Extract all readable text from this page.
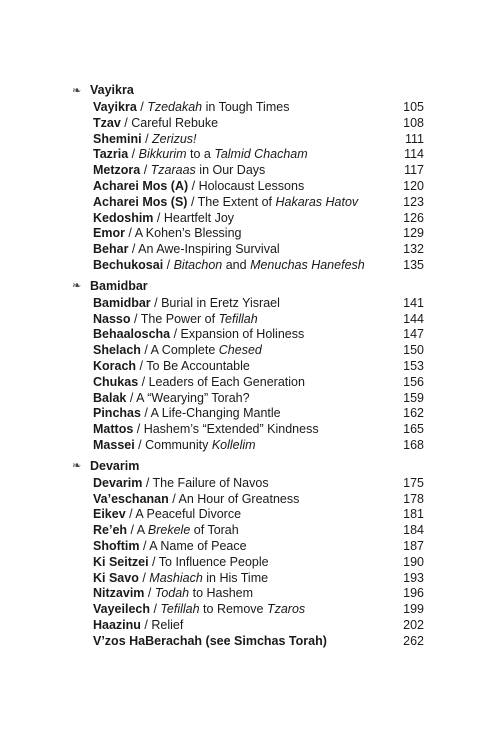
❧ Vayikra
Vayikra / Tzedakah in Tough Times	105
Tzav / Careful Rebuke	108
Shemini / Zerizus!	111
Tazria / Bikkurim to a Talmid Chacham	114
Metzora / Tzaraas in Our Days	117
Acharei Mos (A) / Holocaust Lessons	120
Acharei Mos (S) / The Extent of Hakaras Hatov	123
Kedoshim / Heartfelt Joy	126
Emor / A Kohen’s Blessing	129
Behar / An Awe-Inspiring Survival	132
Bechukosai / Bitachon and Menuchas Hanefesh	135
❧ Bamidbar
Bamidbar / Burial in Eretz Yisrael	141
Nasso / The Power of Tefillah	144
Behaaloscha / Expansion of Holiness	147
Shelach / A Complete Chesed	150
Korach / To Be Accountable	153
Chukas / Leaders of Each Generation	156
Balak / A “Wearying” Torah?	159
Pinchas / A Life-Changing Mantle	162
Mattos / Hashem’s “Extended” Kindness	165
Massei / Community Kollelim	168
❧ Devarim
Devarim / The Failure of Navos	175
Va’eschanan / An Hour of Greatness	178
Eikev / A Peaceful Divorce	181
Re’eh / A Brekele of Torah	184
Shoftim / A Name of Peace	187
Ki Seitzei / To Influence People	190
Ki Savo / Mashiach in His Time	193
Nitzavim / Todah to Hashem	196
Vayeilech / Tefillah to Remove Tzaros	199
Haazinu / Relief	202
V’zos HaBerachah (see Simchas Torah)	262
